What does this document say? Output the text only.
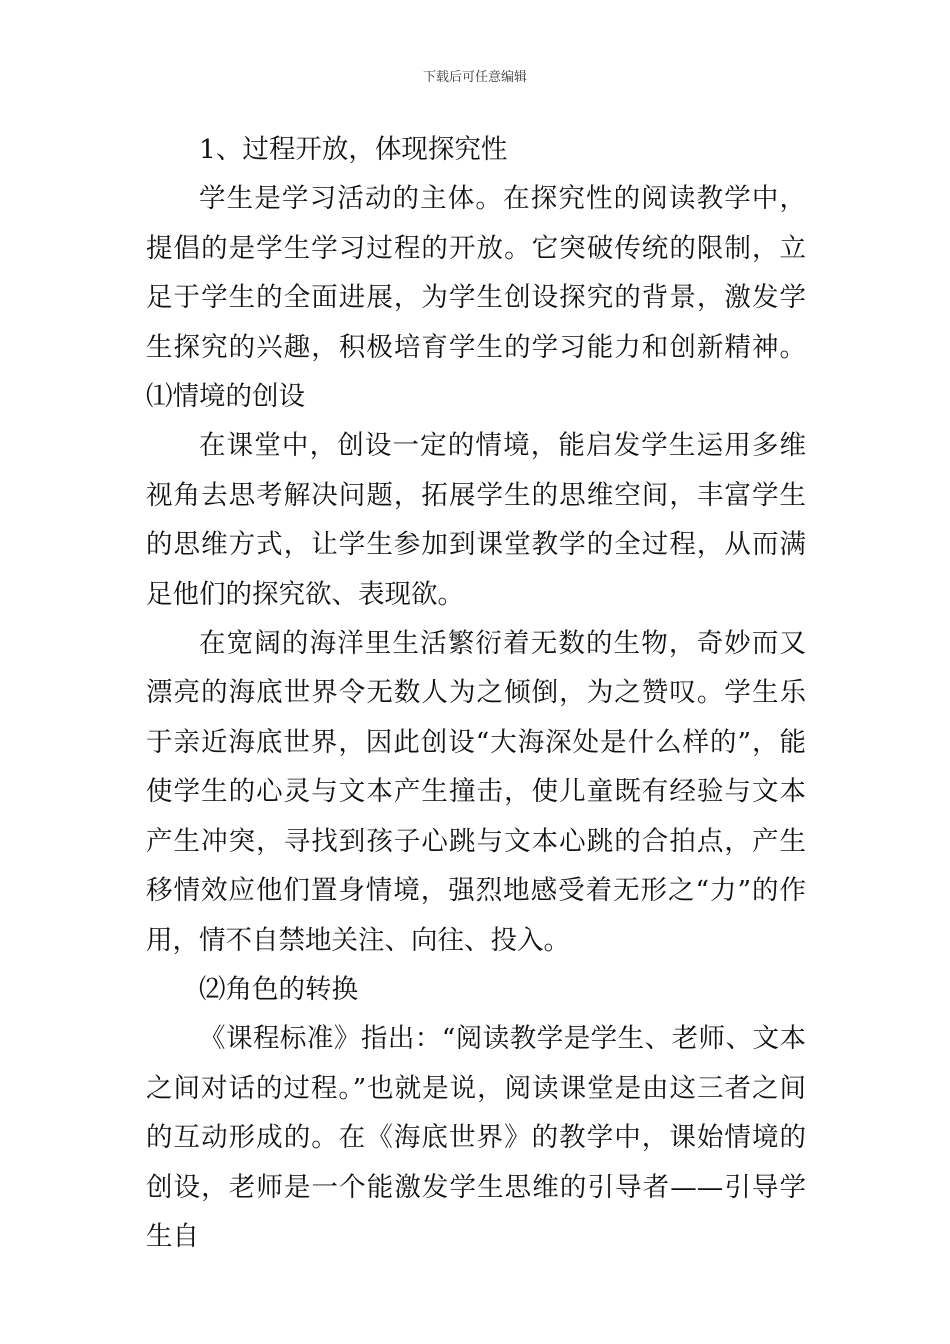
下载后可任意编辑

1、过程开放，体现探究性

学生是学习活动的主体。在探究性的阅读教学中，提倡的是学生学习过程的开放。它突破传统的限制，立足于学生的全面进展，为学生创设探究的背景，激发学生探究的兴趣，积极培育学生的学习能力和创新精神。⑴情境的创设

在课堂中，创设一定的情境，能启发学生运用多维视角去思考解决问题，拓展学生的思维空间，丰富学生的思维方式，让学生参加到课堂教学的全过程，从而满足他们的探究欲、表现欲。

在宽阔的海洋里生活繁衍着无数的生物，奇妙而又漂亮的海底世界令无数人为之倾倒，为之赞叹。学生乐于亲近海底世界，因此创设“大海深处是什么样的”，能使学生的心灵与文本产生撞击，使儿童既有经验与文本产生冲突，寻找到孩子心跳与文本心跳的合拍点，产生移情效应他们置身情境，强烈地感受着无形之“力”的作用，情不自禁地关注、向往、投入。

⑵角色的转换

《课程标准》指出：“阅读教学是学生、老师、文本之间对话的过程。”也就是说，阅读课堂是由这三者之间的互动形成的。在《海底世界》的教学中，课始情境的创设，老师是一个能激发学生思维的引导者——引导学生自
